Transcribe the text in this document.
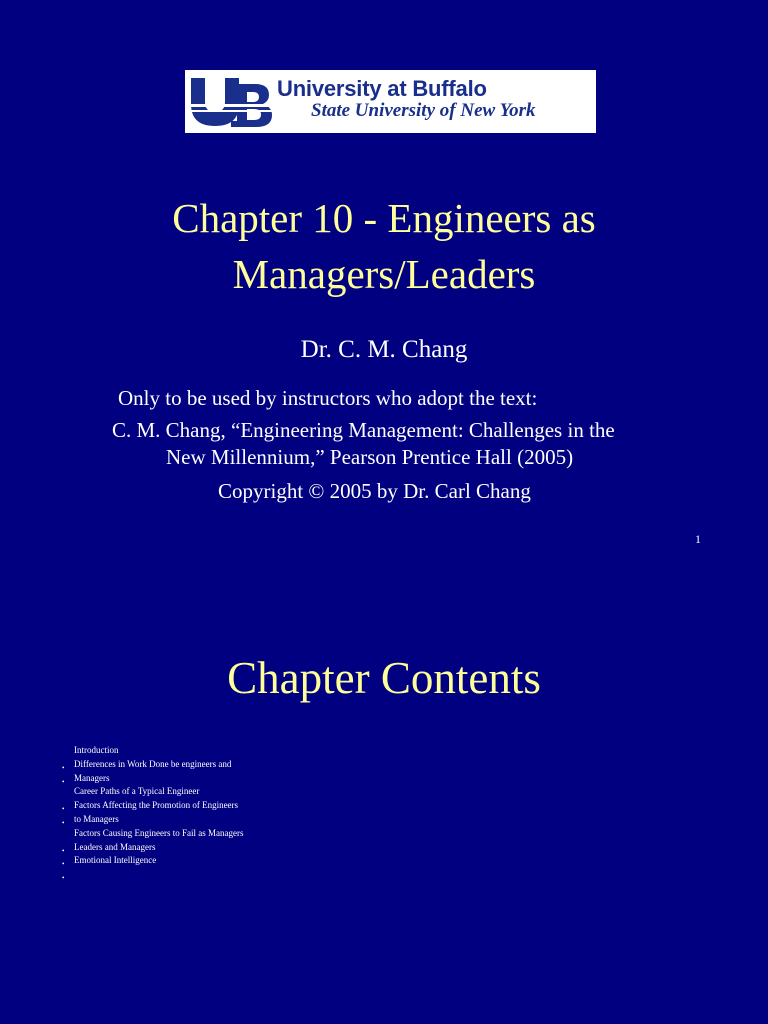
University at Buffalo
State University of New York
Chapter 10 - Engineers as
Managers/Leaders
Dr. C. M. Chang
Only to be used by instructors who adopt the text:
C. M. Chang, “Engineering Management: Challenges in the
New Millennium,” Pearson Prentice Hall (2005)
Copyright © 2005 by Dr. Carl Chang
1
Chapter Contents
Introduction
• Differences in Work Done be engineers and
• Managers
Career Paths of a Typical Engineer
• Factors Affecting the Promotion of Engineers
• to Managers
Factors Causing Engineers to Fail as Managers
• Leaders and Managers
• Emotional Intelligence
•
